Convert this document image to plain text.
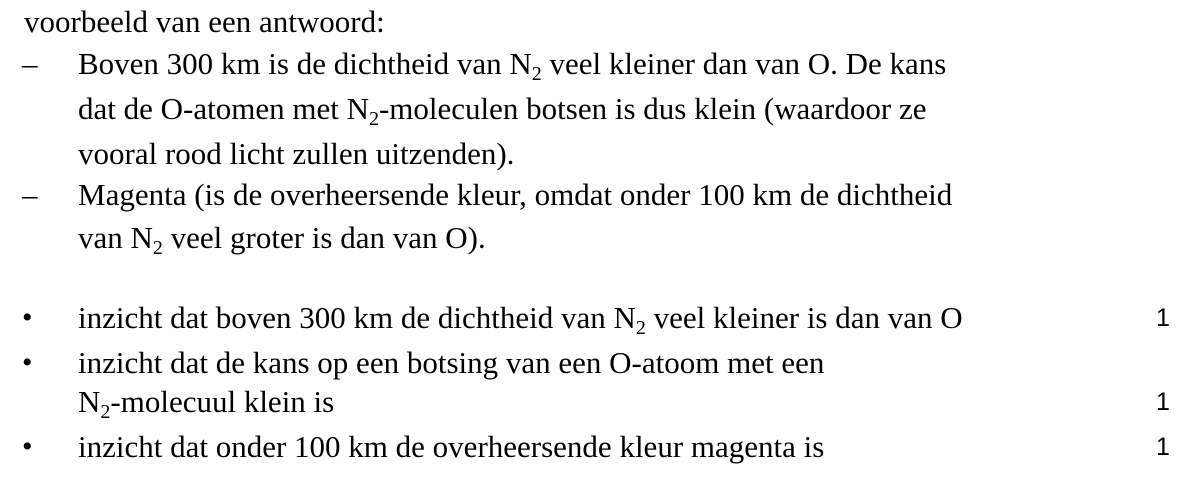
voorbeeld van een antwoord:
–	Boven 300 km is de dichtheid van $N_2$ veel kleiner dan van O. De kans
dat de O-atomen met $N_2$-moleculen botsen is dus klein (waardoor ze
vooral rood licht zullen uitzenden).
–	Magenta (is de overheersende kleur, omdat onder 100 km de dichtheid
van $N_2$ veel groter is dan van O).
•	inzicht dat boven 300 km de dichtheid van $N_2$ veel kleiner is dan van O	1
•	inzicht dat de kans op een botsing van een O-atoom met een
$N_2$-molecuul klein is	1
•	inzicht dat onder 100 km de overheersende kleur magenta is	1
